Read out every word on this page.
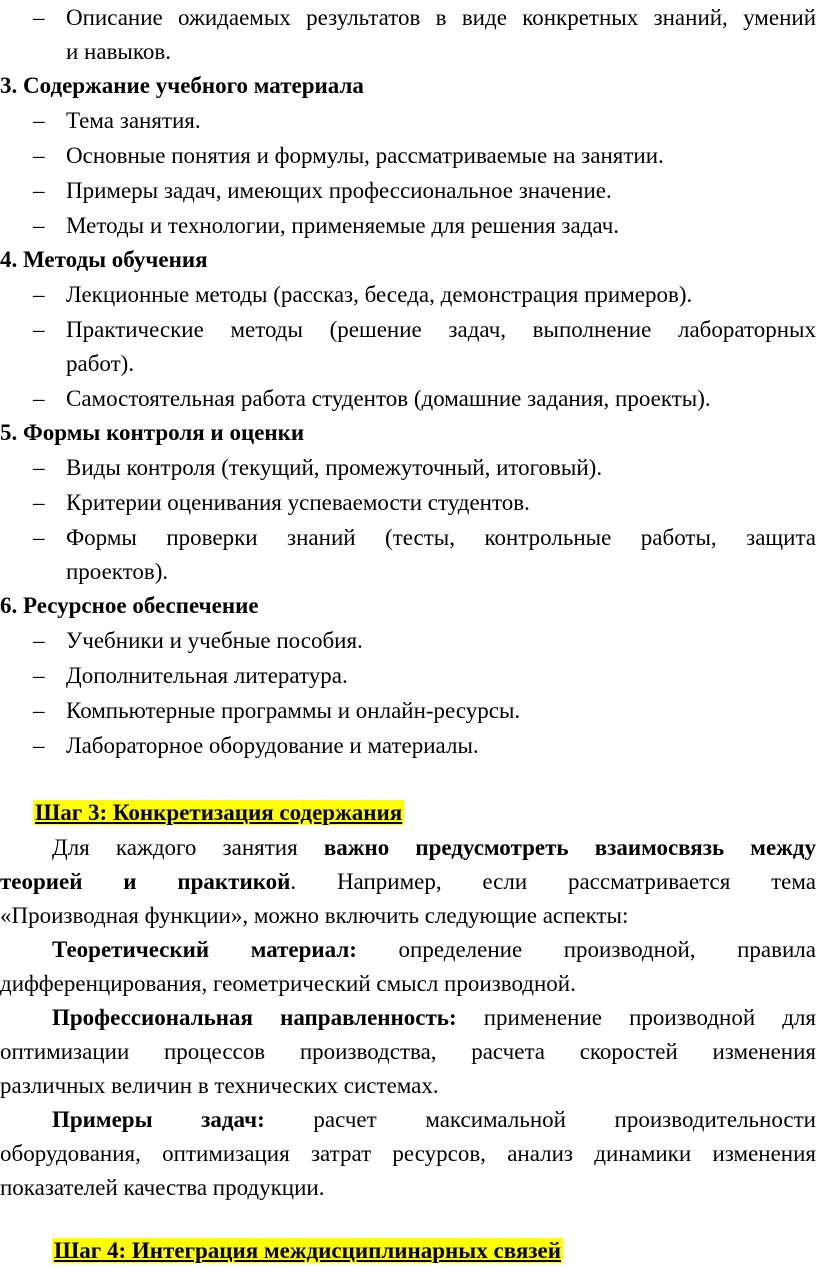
– Описание ожидаемых результатов в виде конкретных знаний, умений
и навыков.
3. Содержание учебного материала
– Тема занятия.
– Основные понятия и формулы, рассматриваемые на занятии.
– Примеры задач, имеющих профессиональное значение.
– Методы и технологии, применяемые для решения задач.
4. Методы обучения
– Лекционные методы (рассказ, беседа, демонстрация примеров).
– Практические методы (решение задач, выполнение лабораторных
работ).
– Самостоятельная работа студентов (домашние задания, проекты).
5. Формы контроля и оценки
– Виды контроля (текущий, промежуточный, итоговый).
– Критерии оценивания успеваемости студентов.
– Формы проверки знаний (тесты, контрольные работы, защита
проектов).
6. Ресурсное обеспечение
– Учебники и учебные пособия.
– Дополнительная литература.
– Компьютерные программы и онлайн-ресурсы.
– Лабораторное оборудование и материалы.
Шаг 3: Конкретизация содержания
Для каждого занятия важно предусмотреть взаимосвязь между
теорией и практикой. Например, если рассматривается тема
«Производная функции», можно включить следующие аспекты:
Теоретический материал: определение производной, правила
дифференцирования, геометрический смысл производной.
Профессиональная направленность: применение производной для
оптимизации процессов производства, расчета скоростей изменения
различных величин в технических системах.
Примеры задач: расчет максимальной производительности
оборудования, оптимизация затрат ресурсов, анализ динамики изменения
показателей качества продукции.
Шаг 4: Интеграция междисциплинарных связей
